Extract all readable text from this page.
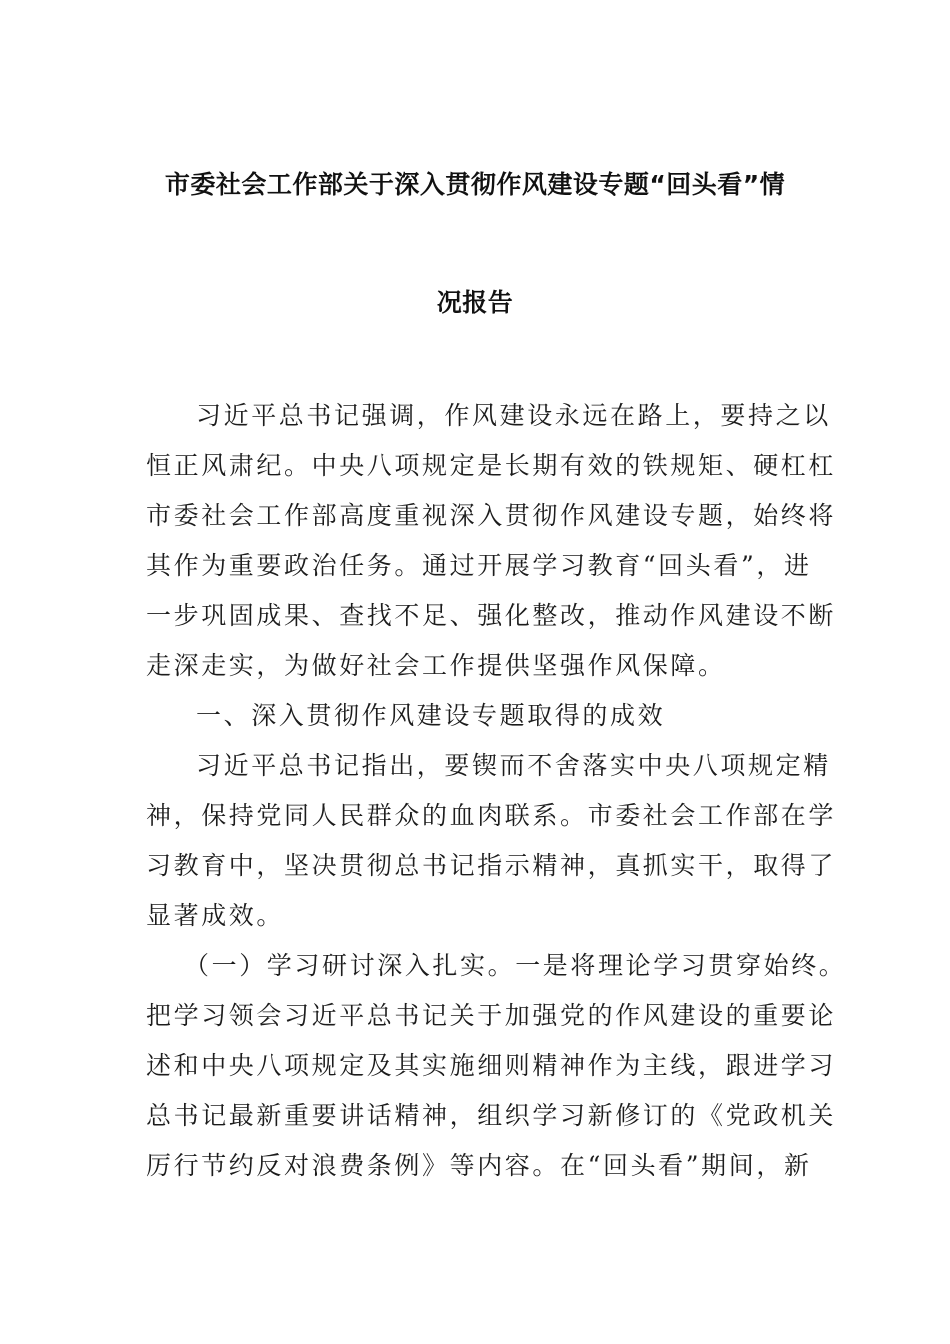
市委社会工作部关于深入贯彻作风建设专题“回头看”情
况报告
习近平总书记强调，作风建设永远在路上，要持之以
恒正风肃纪。中央八项规定是长期有效的铁规矩、硬杠杠
市委社会工作部高度重视深入贯彻作风建设专题，始终将
其作为重要政治任务。通过开展学习教育“回头看”，进
一步巩固成果、查找不足、强化整改，推动作风建设不断
走深走实，为做好社会工作提供坚强作风保障。
一、深入贯彻作风建设专题取得的成效
习近平总书记指出，要锲而不舍落实中央八项规定精
神，保持党同人民群众的血肉联系。市委社会工作部在学
习教育中，坚决贯彻总书记指示精神，真抓实干，取得了
显著成效。
（一）学习研讨深入扎实。一是将理论学习贯穿始终。
把学习领会习近平总书记关于加强党的作风建设的重要论
述和中央八项规定及其实施细则精神作为主线，跟进学习
总书记最新重要讲话精神，组织学习新修订的《党政机关
厉行节约反对浪费条例》等内容。在“回头看”期间，新
